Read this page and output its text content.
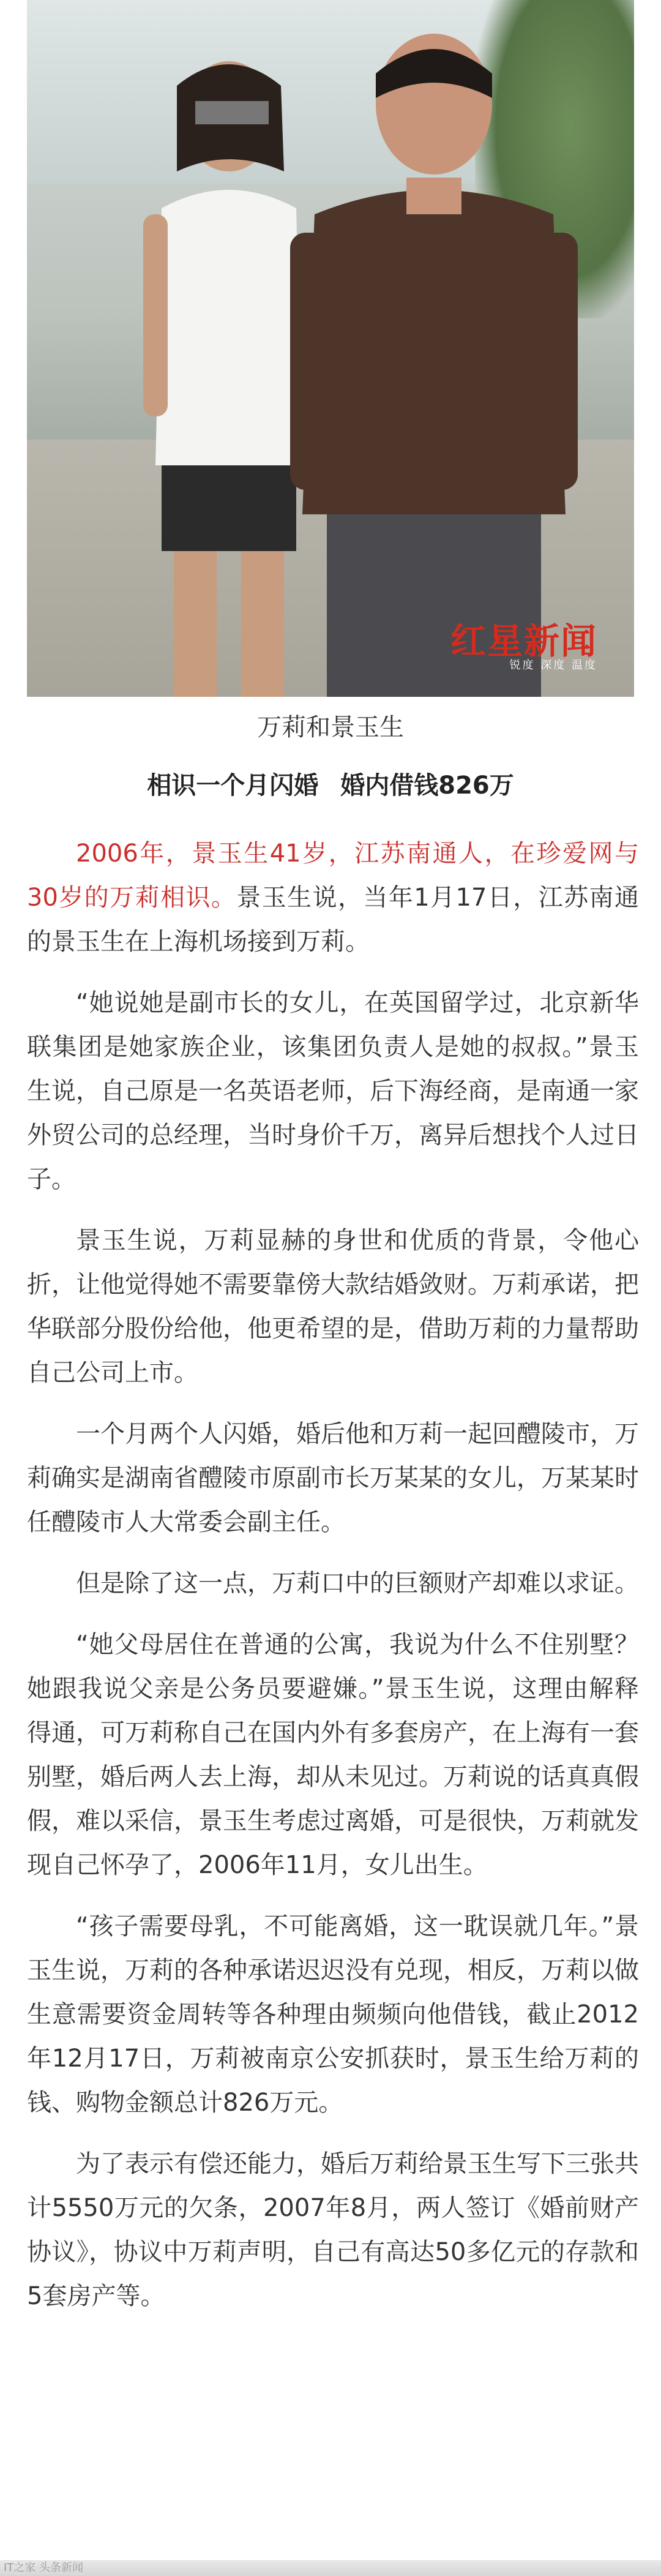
红星新闻
锐度 深度 温度
万莉和景玉生
相识一个月闪婚 婚内借钱826万

2006年，景玉生41岁，江苏南通人，在珍爱网与30岁的万莉相识。景玉生说，当年1月17日，江苏南通的景玉生在上海机场接到万莉。

“她说她是副市长的女儿，在英国留学过，北京新华联集团是她家族企业，该集团负责人是她的叔叔。”景玉生说，自己原是一名英语老师，后下海经商，是南通一家外贸公司的总经理，当时身价千万，离异后想找个人过日子。

景玉生说，万莉显赫的身世和优质的背景，令他心折，让他觉得她不需要靠傍大款结婚敛财。万莉承诺，把华联部分股份给他，他更希望的是，借助万莉的力量帮助自己公司上市。

一个月两个人闪婚，婚后他和万莉一起回醴陵市，万莉确实是湖南省醴陵市原副市长万某某的女儿，万某某时任醴陵市人大常委会副主任。

但是除了这一点，万莉口中的巨额财产却难以求证。

“她父母居住在普通的公寓，我说为什么不住别墅？她跟我说父亲是公务员要避嫌。”景玉生说，这理由解释得通，可万莉称自己在国内外有多套房产，在上海有一套别墅，婚后两人去上海，却从未见过。万莉说的话真真假假，难以采信，景玉生考虑过离婚，可是很快，万莉就发现自己怀孕了，2006年11月，女儿出生。

“孩子需要母乳，不可能离婚，这一耽误就几年。”景玉生说，万莉的各种承诺迟迟没有兑现，相反，万莉以做生意需要资金周转等各种理由频频向他借钱，截止2012年12月17日，万莉被南京公安抓获时，景玉生给万莉的钱、购物金额总计826万元。

为了表示有偿还能力，婚后万莉给景玉生写下三张共计5550万元的欠条，2007年8月，两人签订《婚前财产协议》，协议中万莉声明，自己有高达50多亿元的存款和5套房产等。

IT之家 头条新闻
